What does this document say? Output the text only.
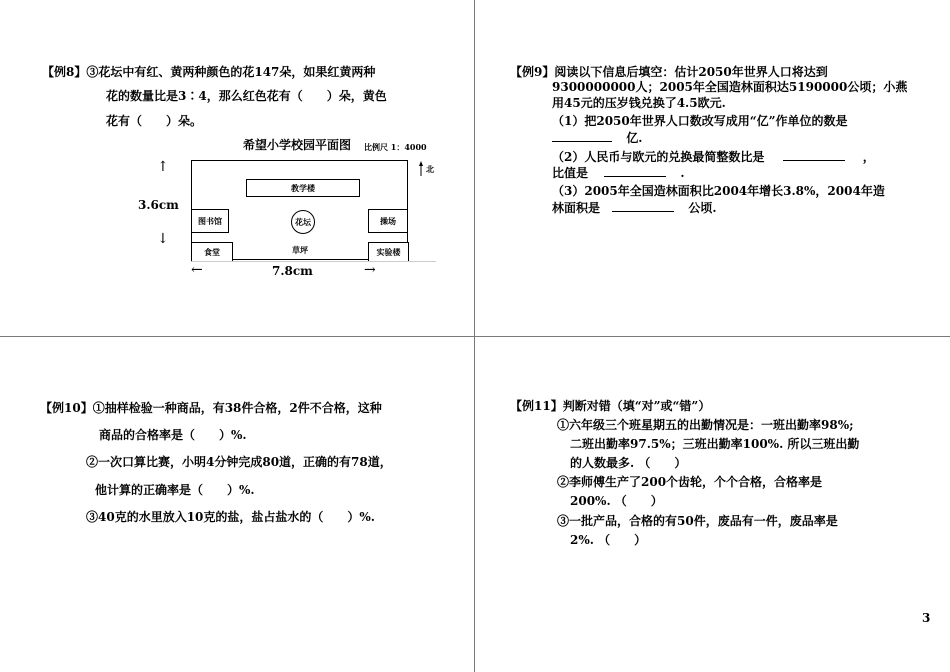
【例8】③花坛中有红、黄两种颜色的花147朵，如果红黄两种
花的数量比是3∶4，那么红色花有（　　）朵，黄色
花有（　　）朵。
希望小学校园平面图 比例尺 1：4000
北
教学楼
花坛
图书馆	操场
食堂	草坪	实验楼
↑
3.6cm
↓
←	7.8cm	→
【例9】阅读以下信息后填空：估计2050年世界人口将达到
9300000000人；2005年全国造林面积达5190000公顷；小燕
用45元的压岁钱兑换了4.5欧元.
（1）把2050年世界人口数改写成用“亿”作单位的数是
亿.
（2）人民币与欧元的兑换最简整数比是	，
比值是	.
（3）2005年全国造林面积比2004年增长3.8%，2004年造
林面积是	公顷.
【例10】①抽样检验一种商品，有38件合格，2件不合格，这种
商品的合格率是（　　）%.
②一次口算比赛，小明4分钟完成80道，正确的有78道，
他计算的正确率是（　　）%.
③40克的水里放入10克的盐，盐占盐水的（　　）%.
【例11】判断对错（填“对”或“错”）
①六年级三个班星期五的出勤情况是：一班出勤率98%;
二班出勤率97.5%；三班出勤率100%. 所以三班出勤
的人数最多. （　　）
②李师傅生产了200个齿轮，个个合格，合格率是
200%. （　　）
③一批产品，合格的有50件，废品有一件，废品率是
2%. （　　）
3
